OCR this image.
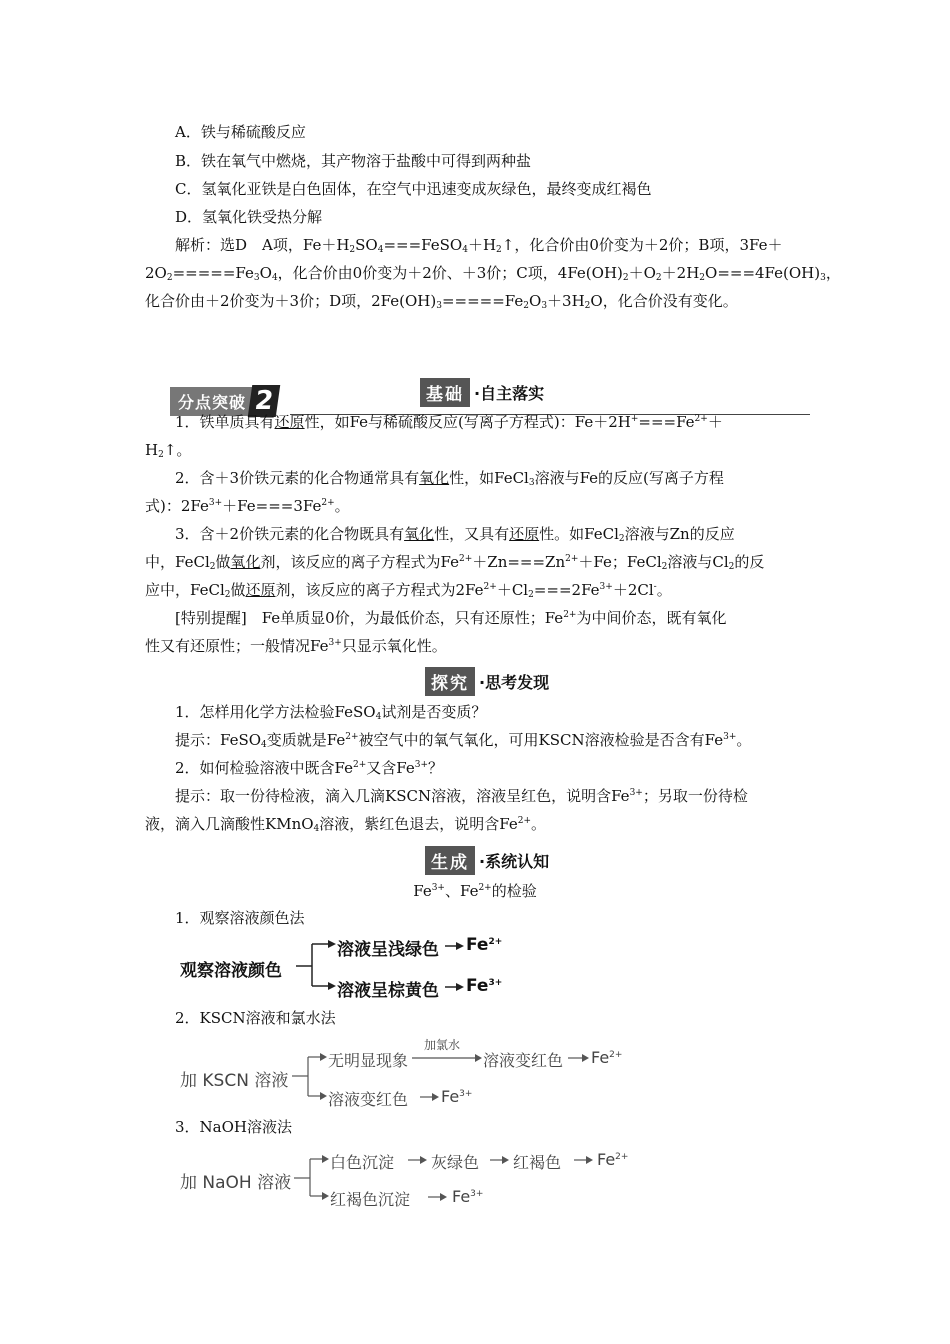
A．铁与稀硫酸反应
B．铁在氧气中燃烧，其产物溶于盐酸中可得到两种盐
C．氢氧化亚铁是白色固体，在空气中迅速变成灰绿色，最终变成红褐色
D．氢氧化铁受热分解
解析：选D　A项，$Fe+H_2SO_4===FeSO_4+H_2↑$，化合价由0价变为＋2价；B项，3Fe＋
$2O_2=====Fe_3O_4$，化合价由0价变为＋2价、＋3价；C项，$4Fe(OH)_2+O_2+2H_2O===4Fe(OH)_3$，
化合价由＋2价变为＋3价；D项，$2Fe(OH)_3=====Fe_2O_3+3H_2O$，化合价没有变化。
分点突破 2	基础 ·自主落实
1．铁单质具有还原性，如Fe与稀硫酸反应(写离子方程式)：$Fe+2H^+===Fe^{2+}+$
$H_2↑$。
2．含＋3价铁元素的化合物通常具有氧化性，如FeCl$_3$溶液与Fe的反应(写离子方程
式)：$2Fe^{3+}+Fe===3Fe^{2+}$。
3．含＋2价铁元素的化合物既具有氧化性，又具有还原性。如FeCl$_2$溶液与Zn的反应
中，FeCl$_2$做氧化剂，该反应的离子方程式为$Fe^{2+}+Zn===Zn^{2+}+Fe$；FeCl$_2$溶液与$Cl_2$的反
应中，FeCl$_2$做还原剂，该反应的离子方程式为$2Fe^{2+}+Cl_2===2Fe^{3+}+2Cl^-$。
[特别提醒]　Fe单质显0价，为最低价态，只有还原性；$Fe^{2+}$为中间价态，既有氧化
性又有还原性；一般情况$Fe^{3+}$只显示氧化性。
探究 ·思考发现
1．怎样用化学方法检验FeSO$_4$试剂是否变质？
提示：FeSO$_4$变质就是$Fe^{2+}$被空气中的氧气氧化，可用KSCN溶液检验是否含有$Fe^{3+}$。
2．如何检验溶液中既含$Fe^{2+}$又含$Fe^{3+}$？
提示：取一份待检液，滴入几滴KSCN溶液，溶液呈红色，说明含$Fe^{3+}$；另取一份待检
液，滴入几滴酸性KMnO$_4$溶液，紫红色退去，说明含$Fe^{2+}$。
生成 ·系统认知
$Fe^{3+}$、$Fe^{2+}$的检验
1．观察溶液颜色法
观察溶液颜色
溶液呈浅绿色
溶液呈棕黄色
$Fe^{2+}$
$Fe^{3+}$
2．KSCN溶液和氯水法
加 KSCN 溶液
无明显现象
加氯水
溶液变红色 $Fe^{2+}$
溶液变红色 $Fe^{3+}$
3．NaOH溶液法
加 NaOH 溶液
白色沉淀 灰绿色 红褐色 $Fe^{2+}$
红褐色沉淀	$Fe^{3+}$
